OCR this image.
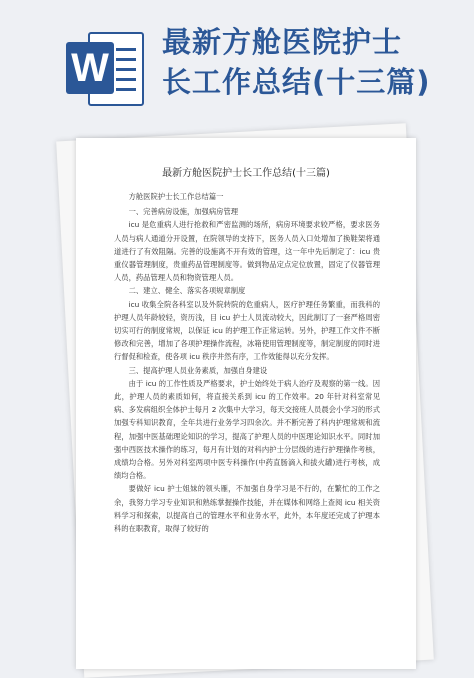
W
最新方舱医院护士
长工作总结(十三篇)
最新方舱医院护士长工作总结(十三篇)

方舱医院护士长工作总结篇一

一、完善病房设施，加强病房管理

icu 是危重病人进行抢救和严密监测的场所，病房环境要求较严格，要求医务人员与病人通道分开设置，在院领导的支持下，医务人员入口处增加了换鞋架将通道进行了有效阻隔。完善的设施离不开有效的管理，这一年中先后制定了：icu 贵重仪器管理制度，贵重药品管理制度等。做到物品定点定位放置，固定了仪器管理人员，药品管理人员和物资管理人员。

二、建立、健全、落实各项规章制度

icu 收集全院各科室以及外院转院的危重病人，医疗护理任务繁重，而我科的护理人员年龄较轻，资历浅，目 icu 护士人员流动较大，因此制订了一套严格周密切实可行的制度常规，以保证 icu 的护理工作正常运转。另外，护理工作文件不断修改和完善，增加了各项护理操作流程，冰箱使用管理制度等，制定制度的同时进行督促和检查，使各项 icu 秩序井然有序，工作效能得以充分发挥。

三、提高护理人员业务素质，加强自身建设

由于 icu 的工作性质及严格要求，护士始终处于病人治疗及观察的第一线。因此，护理人员的素质如何，将直接关系到 icu 的工作效率。20 年针对科室常见病、多发病组织全体护士每月 2 次集中大学习，每天交接班人员晨会小学习的形式加强专科知识教育，全年共进行业务学习四余次。并不断完善了科内护理常规和流程，加强中医基础理论知识的学习，提高了护理人员的中医理论知识水平。同时加强中西医技术操作的练习，每月有计划的对科内护士分层级的进行护理操作考核，成绩均合格。另外对科室两项中医专科操作(中药直肠滴入和拔火罐)进行考核，成绩均合格。

要做好 icu 护士姐妹的领头雁，不加强自身学习是不行的，在繁忙的工作之余，我努力学习专业知识和熟练掌握操作技能，并在媒体和网络上查阅 icu 相关资料学习和探索，以提高自己的管理水平和业务水平，此外，本年度还完成了护理本科的在职教育，取得了较好的
